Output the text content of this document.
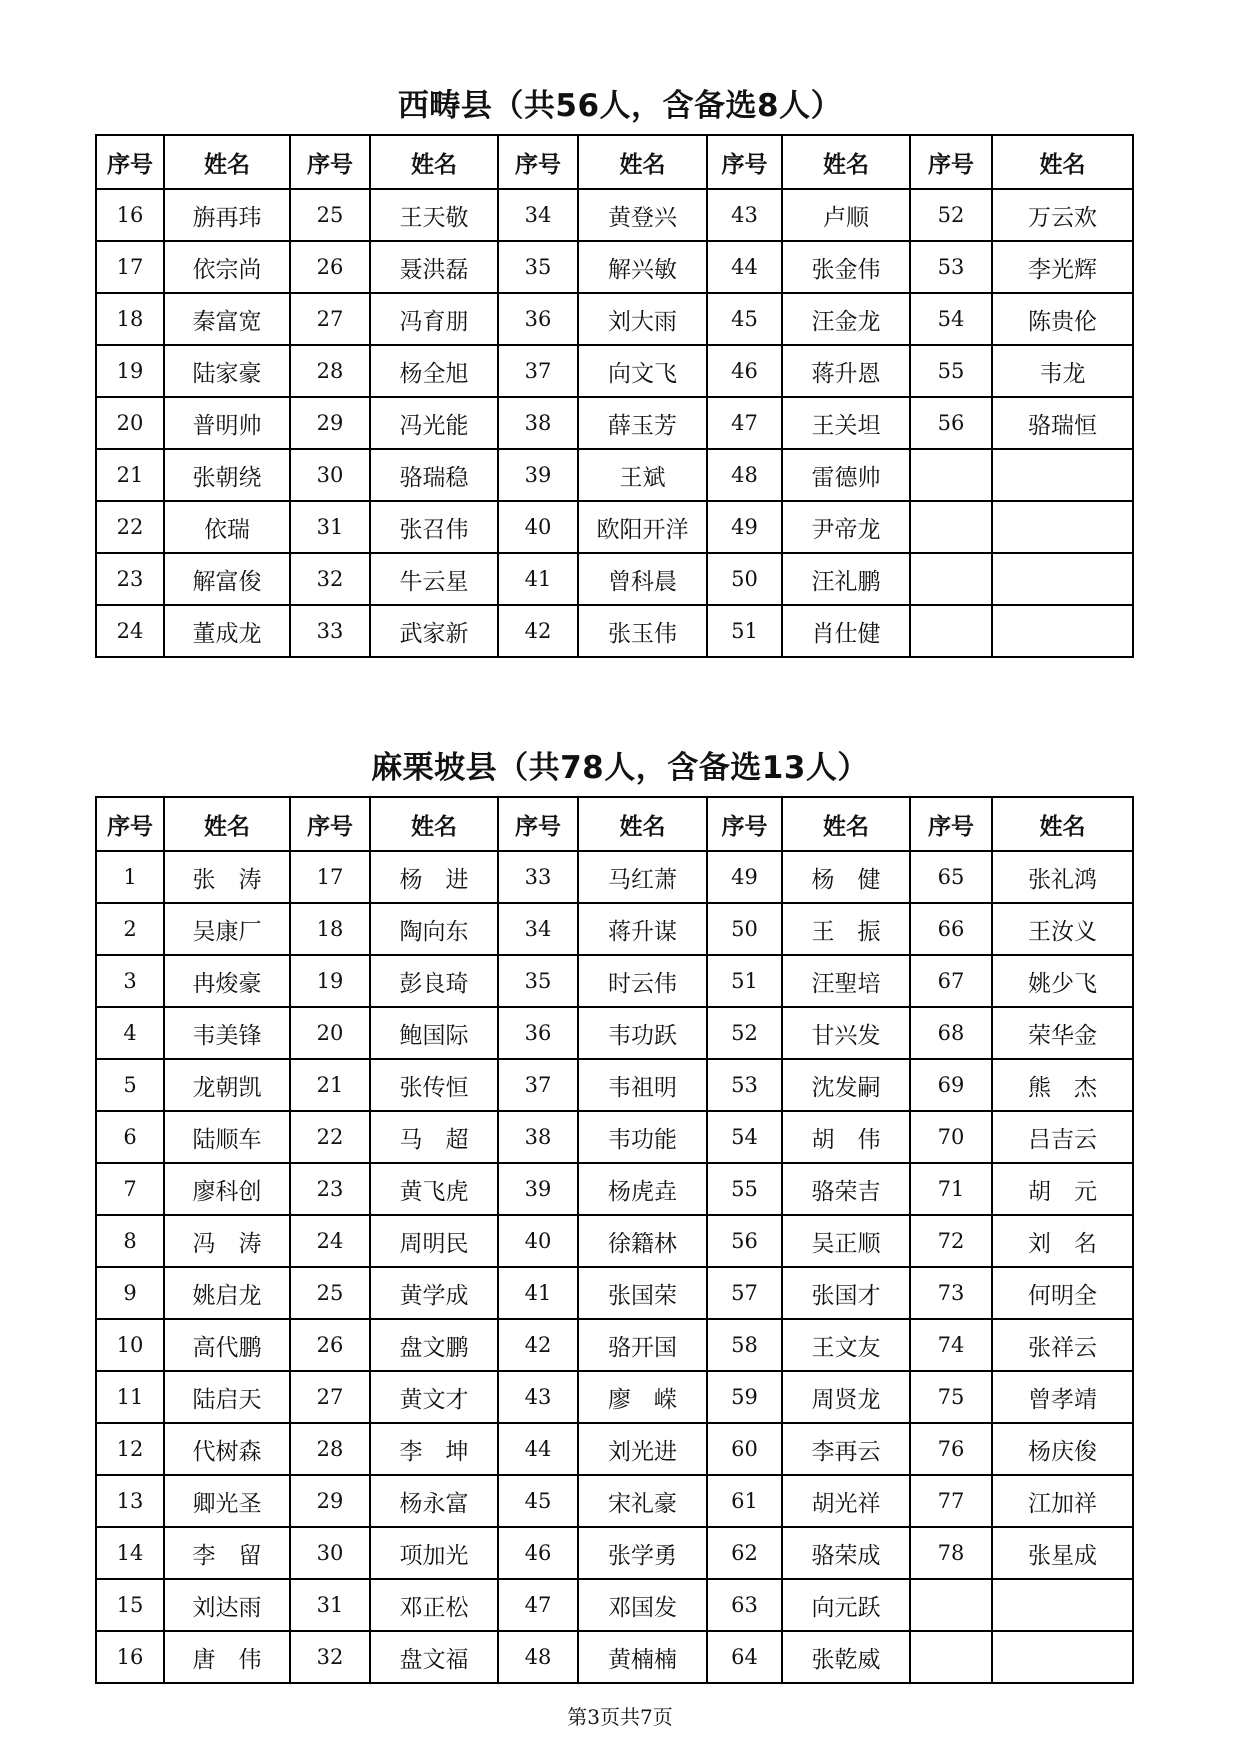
西畴县（共56人，含备选8人）
序号	姓名	序号	姓名	序号	姓名	序号	姓名	序号	姓名
16	旃再玮	25	王天敬	34	黄登兴	43	卢顺	52	万云欢
17	依宗尚	26	聂洪磊	35	解兴敏	44	张金伟	53	李光辉
18	秦富宽	27	冯育朋	36	刘大雨	45	汪金龙	54	陈贵伦
19	陆家豪	28	杨全旭	37	向文飞	46	蒋升恩	55	韦龙
20	普明帅	29	冯光能	38	薛玉芳	47	王关坦	56	骆瑞恒
21	张朝绕	30	骆瑞稳	39	王斌	48	雷德帅		
22	依瑞	31	张召伟	40	欧阳开洋	49	尹帝龙		
23	解富俊	32	牛云星	41	曾科晨	50	汪礼鹏		
24	董成龙	33	武家新	42	张玉伟	51	肖仕健		
麻栗坡县（共78人，含备选13人）
序号	姓名	序号	姓名	序号	姓名	序号	姓名	序号	姓名
1	张　涛	17	杨　进	33	马红萧	49	杨　健	65	张礼鸿
2	吴康厂	18	陶向东	34	蒋升谋	50	王　振	66	王汝义
3	冉焌豪	19	彭良琦	35	时云伟	51	汪聖培	67	姚少飞
4	韦美锋	20	鲍国际	36	韦功跃	52	甘兴发	68	荣华金
5	龙朝凯	21	张传恒	37	韦祖明	53	沈发嗣	69	熊　杰
6	陆顺车	22	马　超	38	韦功能	54	胡　伟	70	吕吉云
7	廖科创	23	黄飞虎	39	杨虎垚	55	骆荣吉	71	胡　元
8	冯　涛	24	周明民	40	徐籍林	56	吴正顺	72	刘　名
9	姚启龙	25	黄学成	41	张国荣	57	张国才	73	何明全
10	高代鹏	26	盘文鹏	42	骆开国	58	王文友	74	张祥云
11	陆启天	27	黄文才	43	廖　嵘	59	周贤龙	75	曾孝靖
12	代树森	28	李　坤	44	刘光进	60	李再云	76	杨庆俊
13	卿光圣	29	杨永富	45	宋礼豪	61	胡光祥	77	江加祥
14	李　留	30	项加光	46	张学勇	62	骆荣成	78	张星成
15	刘达雨	31	邓正松	47	邓国发	63	向元跃		
16	唐　伟	32	盘文福	48	黄楠楠	64	张乾威		
第3页共7页
